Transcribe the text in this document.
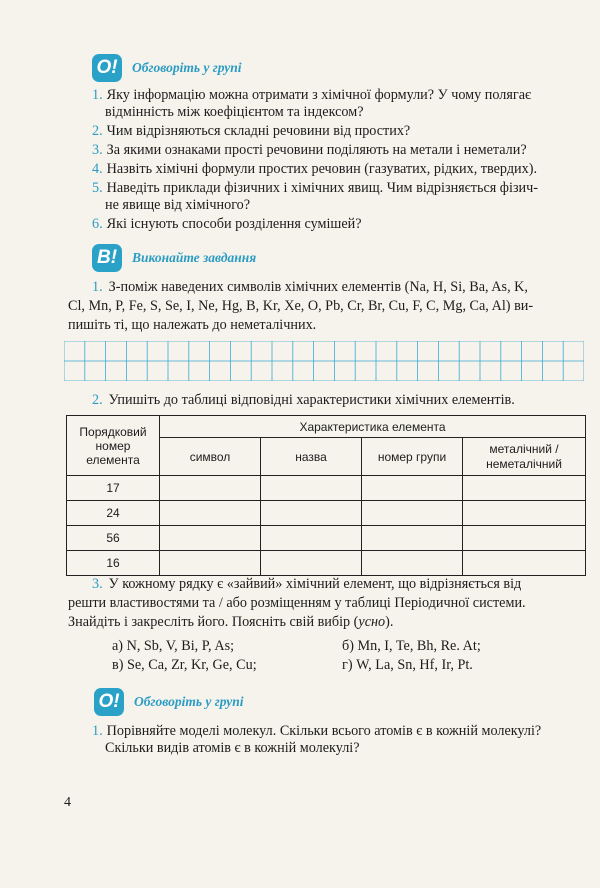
О!	Обговоріть у групі
1. Яку інформацію можна отримати з хімічної формули? У чому полягає
відмінність між коефіцієнтом та індексом?
2. Чим відрізняються складні речовини від простих?
3. За якими ознаками прості речовини поділяють на метали і неметали?
4. Назвіть хімічні формули простих речовин (газуватих, рідких, твердих).
5. Наведіть приклади фізичних і хімічних явищ. Чим відрізняється фізич-
не явище від хімічного?
6. Які існують способи розділення сумішей?
В!	Виконайте завдання
1. З-поміж наведених символів хімічних елементів (Na, H, Si, Ba, As, K,
Cl, Mn, P, Fe, S, Se, I, Ne, Hg, B, Kr, Xe, O, Pb, Cr, Br, Cu, F, C, Mg, Ca, Al) ви-
пишіть ті, що належать до неметалічних.
2. Упишіть до таблиці відповідні характеристики хімічних елементів.
Порядковий
номер
елемента	Характеристика елемента			
	символ	назва	номер групи	металічний /
неметалічний
17				
24				
56				
16				
3. У кожному рядку є «зайвий» хімічний елемент, що відрізняється від
решти властивостями та / або розміщенням у таблиці Періодичної системи.
Знайдіть і закресліть його. Поясніть свій вибір (усно).
а) N, Sb, V, Bi, P, As;	б) Mn, I, Te, Bh, Re. At;
в) Se, Ca, Zr, Kr, Ge, Cu;	г) W, La, Sn, Hf, Ir, Pt.
О!	Обговоріть у групі
1. Порівняйте моделі молекул. Скільки всього атомів є в кожній молекулі?
Скільки видів атомів є в кожній молекулі?
4
